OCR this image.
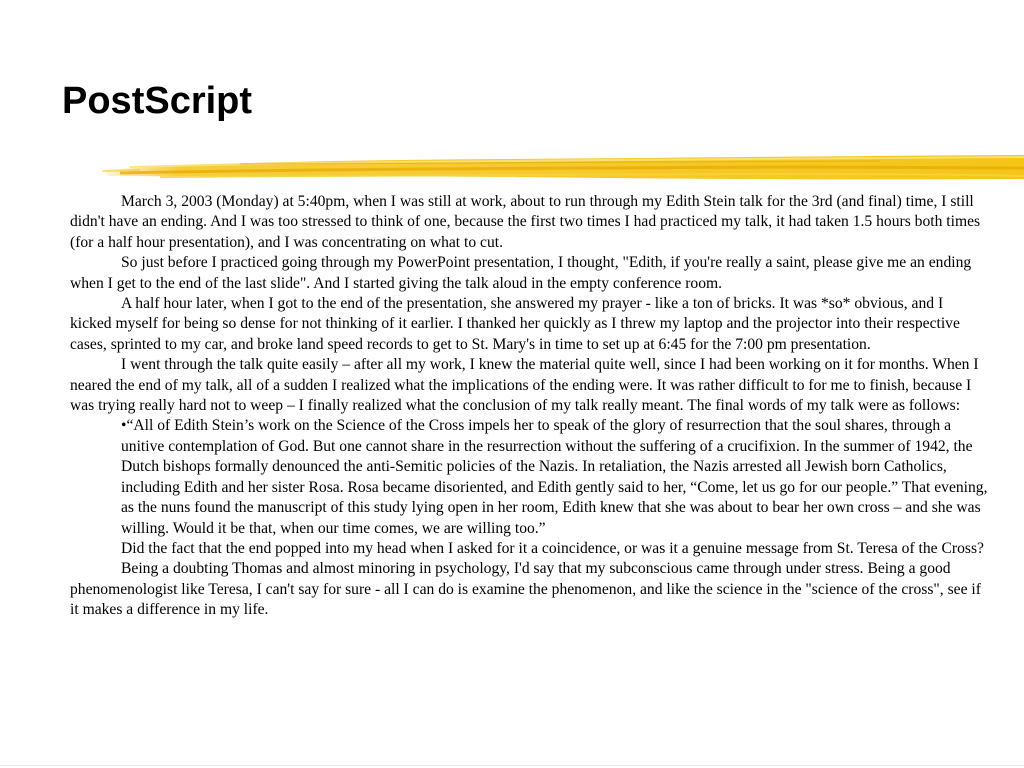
PostScript

March 3, 2003 (Monday) at 5:40pm, when I was still at work, about to run through my Edith Stein talk for the 3rd (and final) time, I still didn't have an ending. And I was too stressed to think of one, because the first two times I had practiced my talk, it had taken 1.5 hours both times (for a half hour presentation), and I was concentrating on what to cut.

So just before I practiced going through my PowerPoint presentation, I thought, "Edith, if you're really a saint, please give me an ending when I get to the end of the last slide". And I started giving the talk aloud in the empty conference room.

A half hour later, when I got to the end of the presentation, she answered my prayer - like a ton of bricks. It was *so* obvious, and I kicked myself for being so dense for not thinking of it earlier. I thanked her quickly as I threw my laptop and the projector into their respective cases, sprinted to my car, and broke land speed records to get to St. Mary's in time to set up at 6:45 for the 7:00 pm presentation.

I went through the talk quite easily – after all my work, I knew the material quite well, since I had been working on it for months. When I neared the end of my talk, all of a sudden I realized what the implications of the ending were. It was rather difficult to for me to finish, because I was trying really hard not to weep – I finally realized what the conclusion of my talk really meant. The final words of my talk were as follows:

•“All of Edith Stein’s work on the Science of the Cross impels her to speak of the glory of resurrection that the soul shares, through a unitive contemplation of God. But one cannot share in the resurrection without the suffering of a crucifixion. In the summer of 1942, the Dutch bishops formally denounced the anti-Semitic policies of the Nazis. In retaliation, the Nazis arrested all Jewish born Catholics, including Edith and her sister Rosa. Rosa became disoriented, and Edith gently said to her, “Come, let us go for our people.” That evening, as the nuns found the manuscript of this study lying open in her room, Edith knew that she was about to bear her own cross – and she was willing. Would it be that, when our time comes, we are willing too.”

Did the fact that the end popped into my head when I asked for it a coincidence, or was it a genuine message from St. Teresa of the Cross?

Being a doubting Thomas and almost minoring in psychology, I'd say that my subconscious came through under stress. Being a good phenomenologist like Teresa, I can't say for sure - all I can do is examine the phenomenon, and like the science in the "science of the cross", see if it makes a difference in my life.
